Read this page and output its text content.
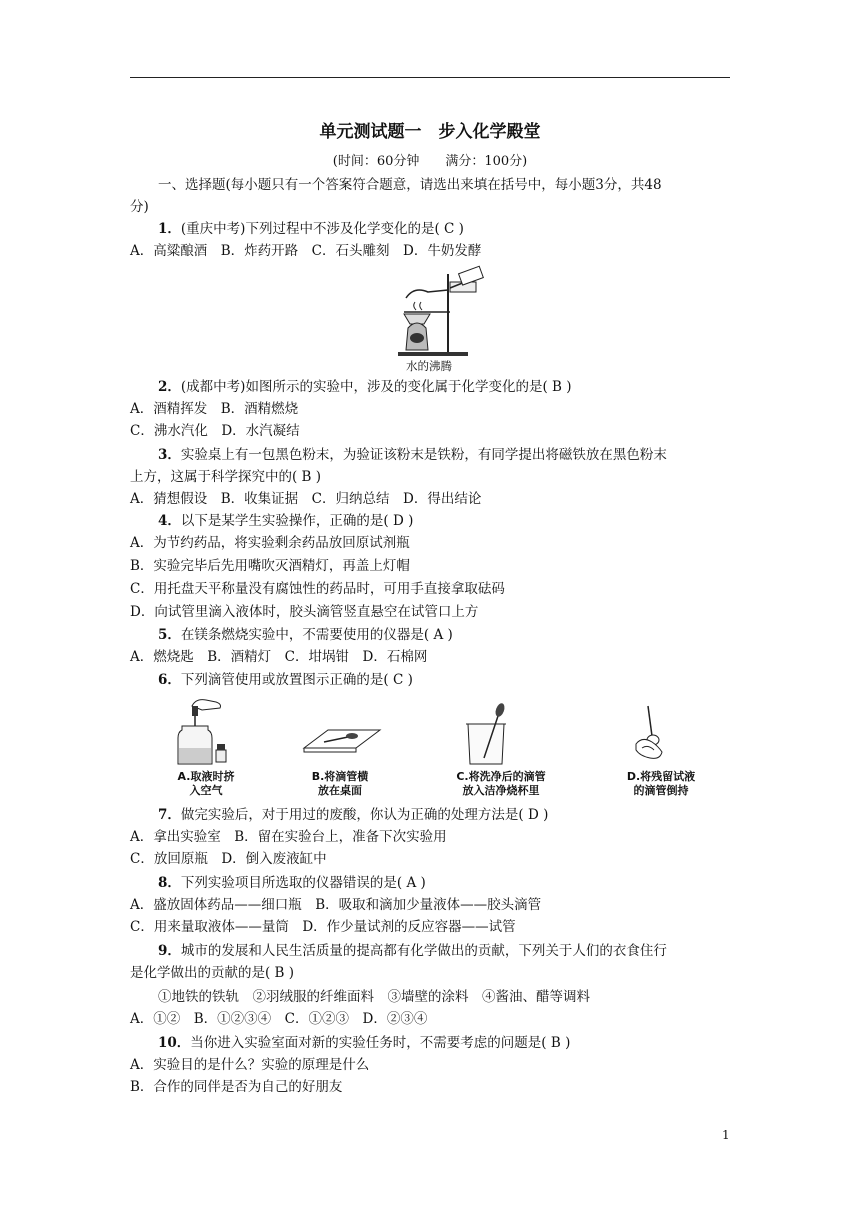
单元测试题一　步入化学殿堂
(时间：60分钟　　满分：100分)
一、选择题(每小题只有一个答案符合题意，请选出来填在括号中，每小题3分，共48
分)
1．(重庆中考)下列过程中不涉及化学变化的是( C )
A．高粱酿酒　B．炸药开路　C．石头雕刻　D．牛奶发酵
水的沸腾
2．(成都中考)如图所示的实验中，涉及的变化属于化学变化的是( B )
A．酒精挥发　B．酒精燃烧
C．沸水汽化　D．水汽凝结
3．实验桌上有一包黑色粉末，为验证该粉末是铁粉，有同学提出将磁铁放在黑色粉末
上方，这属于科学探究中的( B )
A．猜想假设　B．收集证据　C．归纳总结　D．得出结论
4．以下是某学生实验操作，正确的是( D )
A．为节约药品，将实验剩余药品放回原试剂瓶
B．实验完毕后先用嘴吹灭酒精灯，再盖上灯帽
C．用托盘天平称量没有腐蚀性的药品时，可用手直接拿取砝码
D．向试管里滴入液体时，胶头滴管竖直悬空在试管口上方
5．在镁条燃烧实验中，不需要使用的仪器是( A )
A．燃烧匙　B．酒精灯　C．坩埚钳　D．石棉网
6．下列滴管使用或放置图示正确的是( C )
A.取液时挤
入空气
B.将滴管横
放在桌面
C.将洗净后的滴管
放入洁净烧杯里
D.将残留试液
的滴管倒持
7．做完实验后，对于用过的废酸，你认为正确的处理方法是( D )
A．拿出实验室　B．留在实验台上，准备下次实验用
C．放回原瓶　D．倒入废液缸中
8．下列实验项目所选取的仪器错误的是( A )
A．盛放固体药品——细口瓶　B．吸取和滴加少量液体——胶头滴管
C．用来量取液体——量筒　D．作少量试剂的反应容器——试管
9．城市的发展和人民生活质量的提高都有化学做出的贡献，下列关于人们的衣食住行
是化学做出的贡献的是( B )
①地铁的铁轨　②羽绒服的纤维面料　③墙壁的涂料　④酱油、醋等调料
A．①②　B．①②③④　C．①②③　D．②③④
10．当你进入实验室面对新的实验任务时，不需要考虑的问题是( B )
A．实验目的是什么？实验的原理是什么
B．合作的同伴是否为自己的好朋友
1
